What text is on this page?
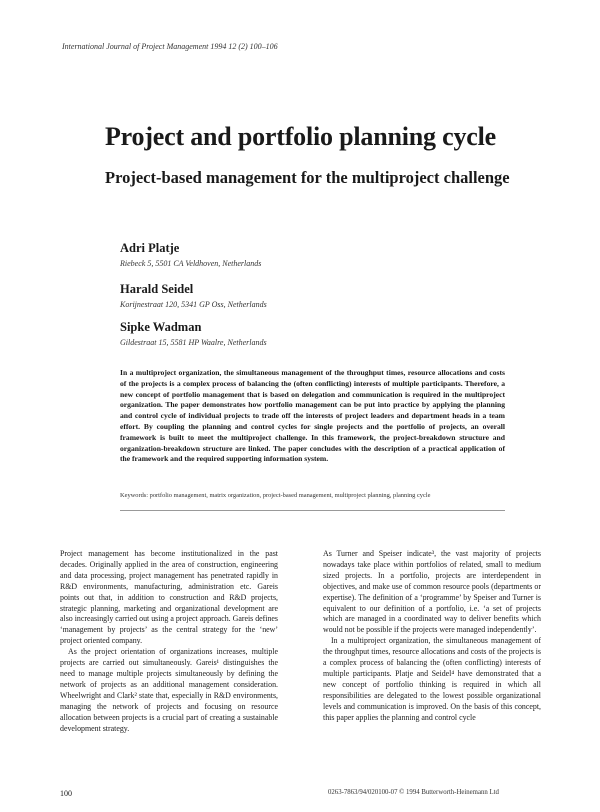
International Journal of Project Management 1994 12 (2) 100–106
Project and portfolio planning cycle
Project-based management for the multiproject challenge
Adri Platje
Riebeck 5, 5501 CA Veldhoven, Netherlands
Harald Seidel
Korijnestraat 120, 5341 GP Oss, Netherlands
Sipke Wadman
Gildestraat 15, 5581 HP Waalre, Netherlands

In a multiproject organization, the simultaneous management of the throughput times, resource allocations and costs of the projects is a complex process of balancing the (often conflicting) interests of multiple participants. Therefore, a new concept of portfolio management that is based on delegation and communication is required in the multiproject organization. The paper demonstrates how portfolio management can be put into practice by applying the planning and control cycle of individual projects to trade off the interests of project leaders and department heads in a team effort. By coupling the planning and control cycles for single projects and the portfolio of projects, an overall framework is built to meet the multiproject challenge. In this framework, the project-breakdown structure and organization-breakdown structure are linked. The paper concludes with the description of a practical application of the framework and the required supporting information system.

Keywords: portfolio management, matrix organization, project-based management, multiproject planning, planning cycle

Project management has become institutionalized in the past decades. Originally applied in the area of construction, engineering and data processing, project management has penetrated rapidly in R&D environments, manufacturing, administration etc. Gareis points out that, in addition to construction and R&D projects, strategic planning, marketing and organizational development are also increasingly carried out using a project approach. Gareis defines ‘management by projects’ as the central strategy for the ‘new’ project oriented company.

As the project orientation of organizations increases, multiple projects are carried out simultaneously. Gareis¹ distinguishes the need to manage multiple projects simultaneously by defining the network of projects as an additional management consideration. Wheelwright and Clark² state that, especially in R&D environments, managing the network of projects and focusing on resource allocation between projects is a crucial part of creating a sustainable development strategy.

As Turner and Speiser indicate³, the vast majority of projects nowadays take place within portfolios of related, small to medium sized projects. In a portfolio, projects are interdependent in objectives, and make use of common resource pools (departments or expertise). The definition of a ‘programme’ by Speiser and Turner is equivalent to our definition of a portfolio, i.e. ‘a set of projects which are managed in a coordinated way to deliver benefits which would not be possible if the projects were managed independently’.

In a multiproject organization, the simultaneous management of the throughput times, resource allocations and costs of the projects is a complex process of balancing the (often conflicting) interests of multiple participants. Platje and Seidel⁴ have demonstrated that a new concept of portfolio thinking is required in which all responsibilities are delegated to the lowest possible organizational levels and communication is improved. On the basis of this concept, this paper applies the planning and control cycle

100	0263-7863/94/020100-07 © 1994 Butterworth-Heinemann Ltd
